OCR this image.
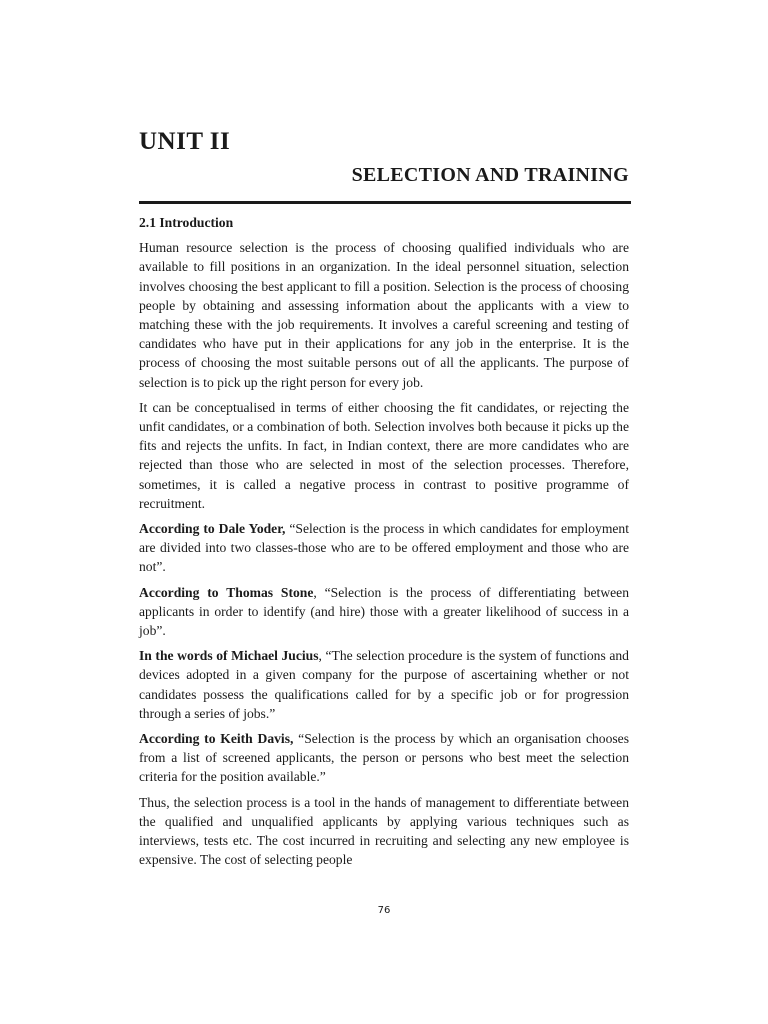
UNIT II
SELECTION AND TRAINING

2.1 Introduction

Human resource selection is the process of choosing qualified individuals who are available to fill positions in an organization. In the ideal personnel situation, selection involves choosing the best applicant to fill a position. Selection is the process of choosing people by obtaining and assessing information about the applicants with a view to matching these with the job requirements. It involves a careful screening and testing of candidates who have put in their applications for any job in the enterprise. It is the process of choosing the most suitable persons out of all the applicants. The purpose of selection is to pick up the right person for every job.

It can be conceptualised in terms of either choosing the fit candidates, or rejecting the unfit candidates, or a combination of both. Selection involves both because it picks up the fits and rejects the unfits. In fact, in Indian context, there are more candidates who are rejected than those who are selected in most of the selection processes. Therefore, sometimes, it is called a negative process in contrast to positive programme of recruitment.

According to Dale Yoder, “Selection is the process in which candidates for employment are divided into two classes-those who are to be offered employment and those who are not”.

According to Thomas Stone, “Selection is the process of differentiating between applicants in order to identify (and hire) those with a greater likelihood of success in a job”.

In the words of Michael Jucius, “The selection procedure is the system of functions and devices adopted in a given company for the purpose of ascertaining whether or not candidates possess the qualifications called for by a specific job or for progression through a series of jobs.”

According to Keith Davis, “Selection is the process by which an organisation chooses from a list of screened applicants, the person or persons who best meet the selection criteria for the position available.”

Thus, the selection process is a tool in the hands of management to differentiate between the qualified and unqualified applicants by applying various techniques such as interviews, tests etc. The cost incurred in recruiting and selecting any new employee is expensive. The cost of selecting people

76
